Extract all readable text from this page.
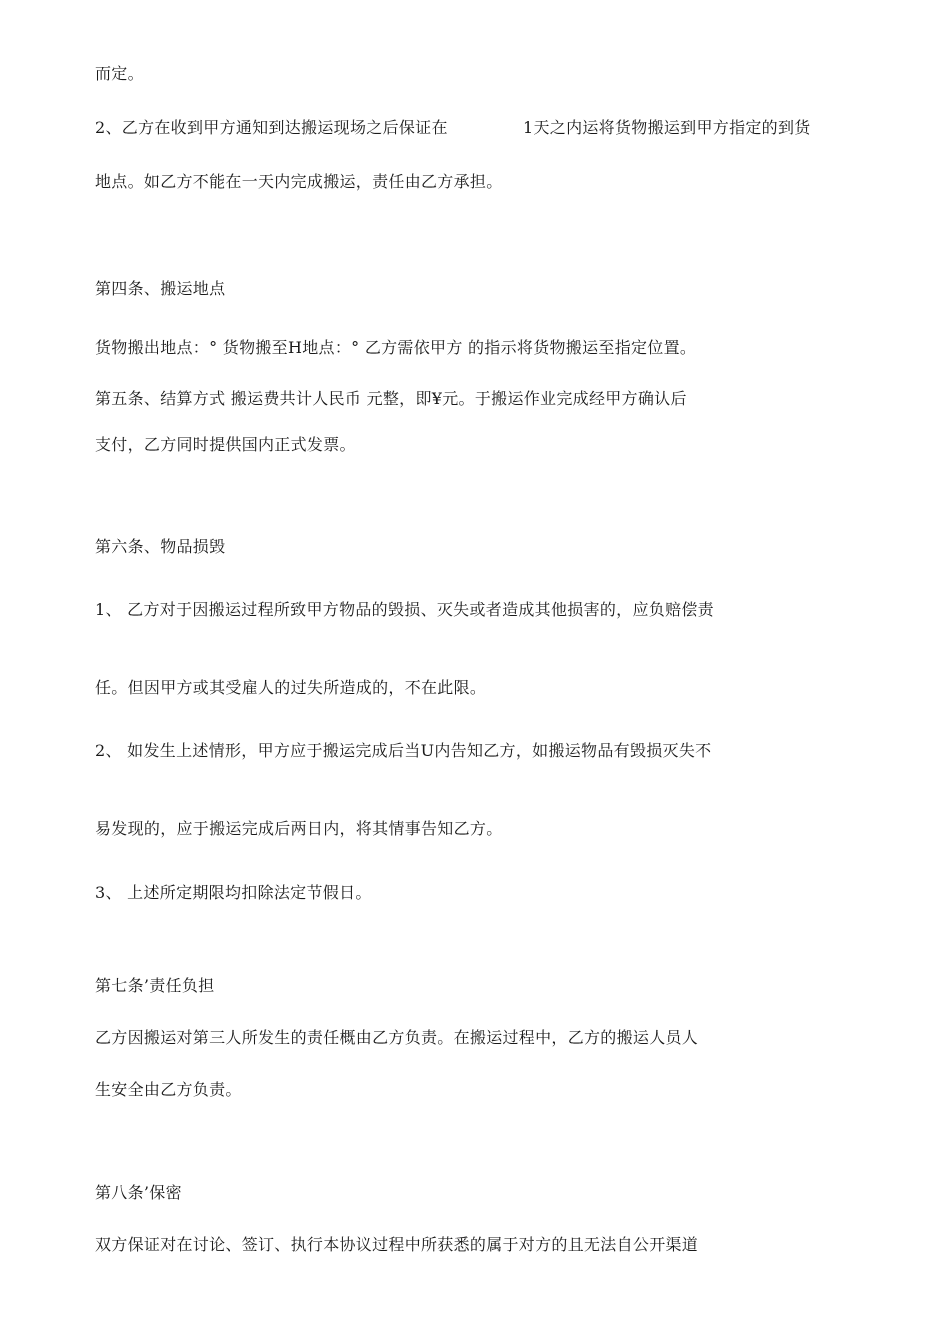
而定。
2、乙方在收到甲方通知到达搬运现场之后保证在	1天之内运将货物搬运到甲方指定的到货
地点。如乙方不能在一天内完成搬运，责任由乙方承担。
第四条、搬运地点
货物搬出地点：° 货物搬至H地点：° 乙方需依甲方 的指示将货物搬运至指定位置。
第五条、结算方式 搬运费共计人民币 元整，即¥元。于搬运作业完成经甲方确认后
支付，乙方同时提供国内正式发票。
第六条、物品损毁
1、 乙方对于因搬运过程所致甲方物品的毁损、灭失或者造成其他损害的，应负赔偿责
任。但因甲方或其受雇人的过失所造成的，不在此限。
2、 如发生上述情形，甲方应于搬运完成后当U内告知乙方，如搬运物品有毁损灭失不
易发现的，应于搬运完成后两日内，将其情事告知乙方。
3、 上述所定期限均扣除法定节假日。
第七条’责任负担
乙方因搬运对第三人所发生的责任概由乙方负责。在搬运过程中，乙方的搬运人员人
生安全由乙方负责。
第八条’保密
双方保证对在讨论、签订、执行本协议过程中所获悉的属于对方的且无法自公开渠道
